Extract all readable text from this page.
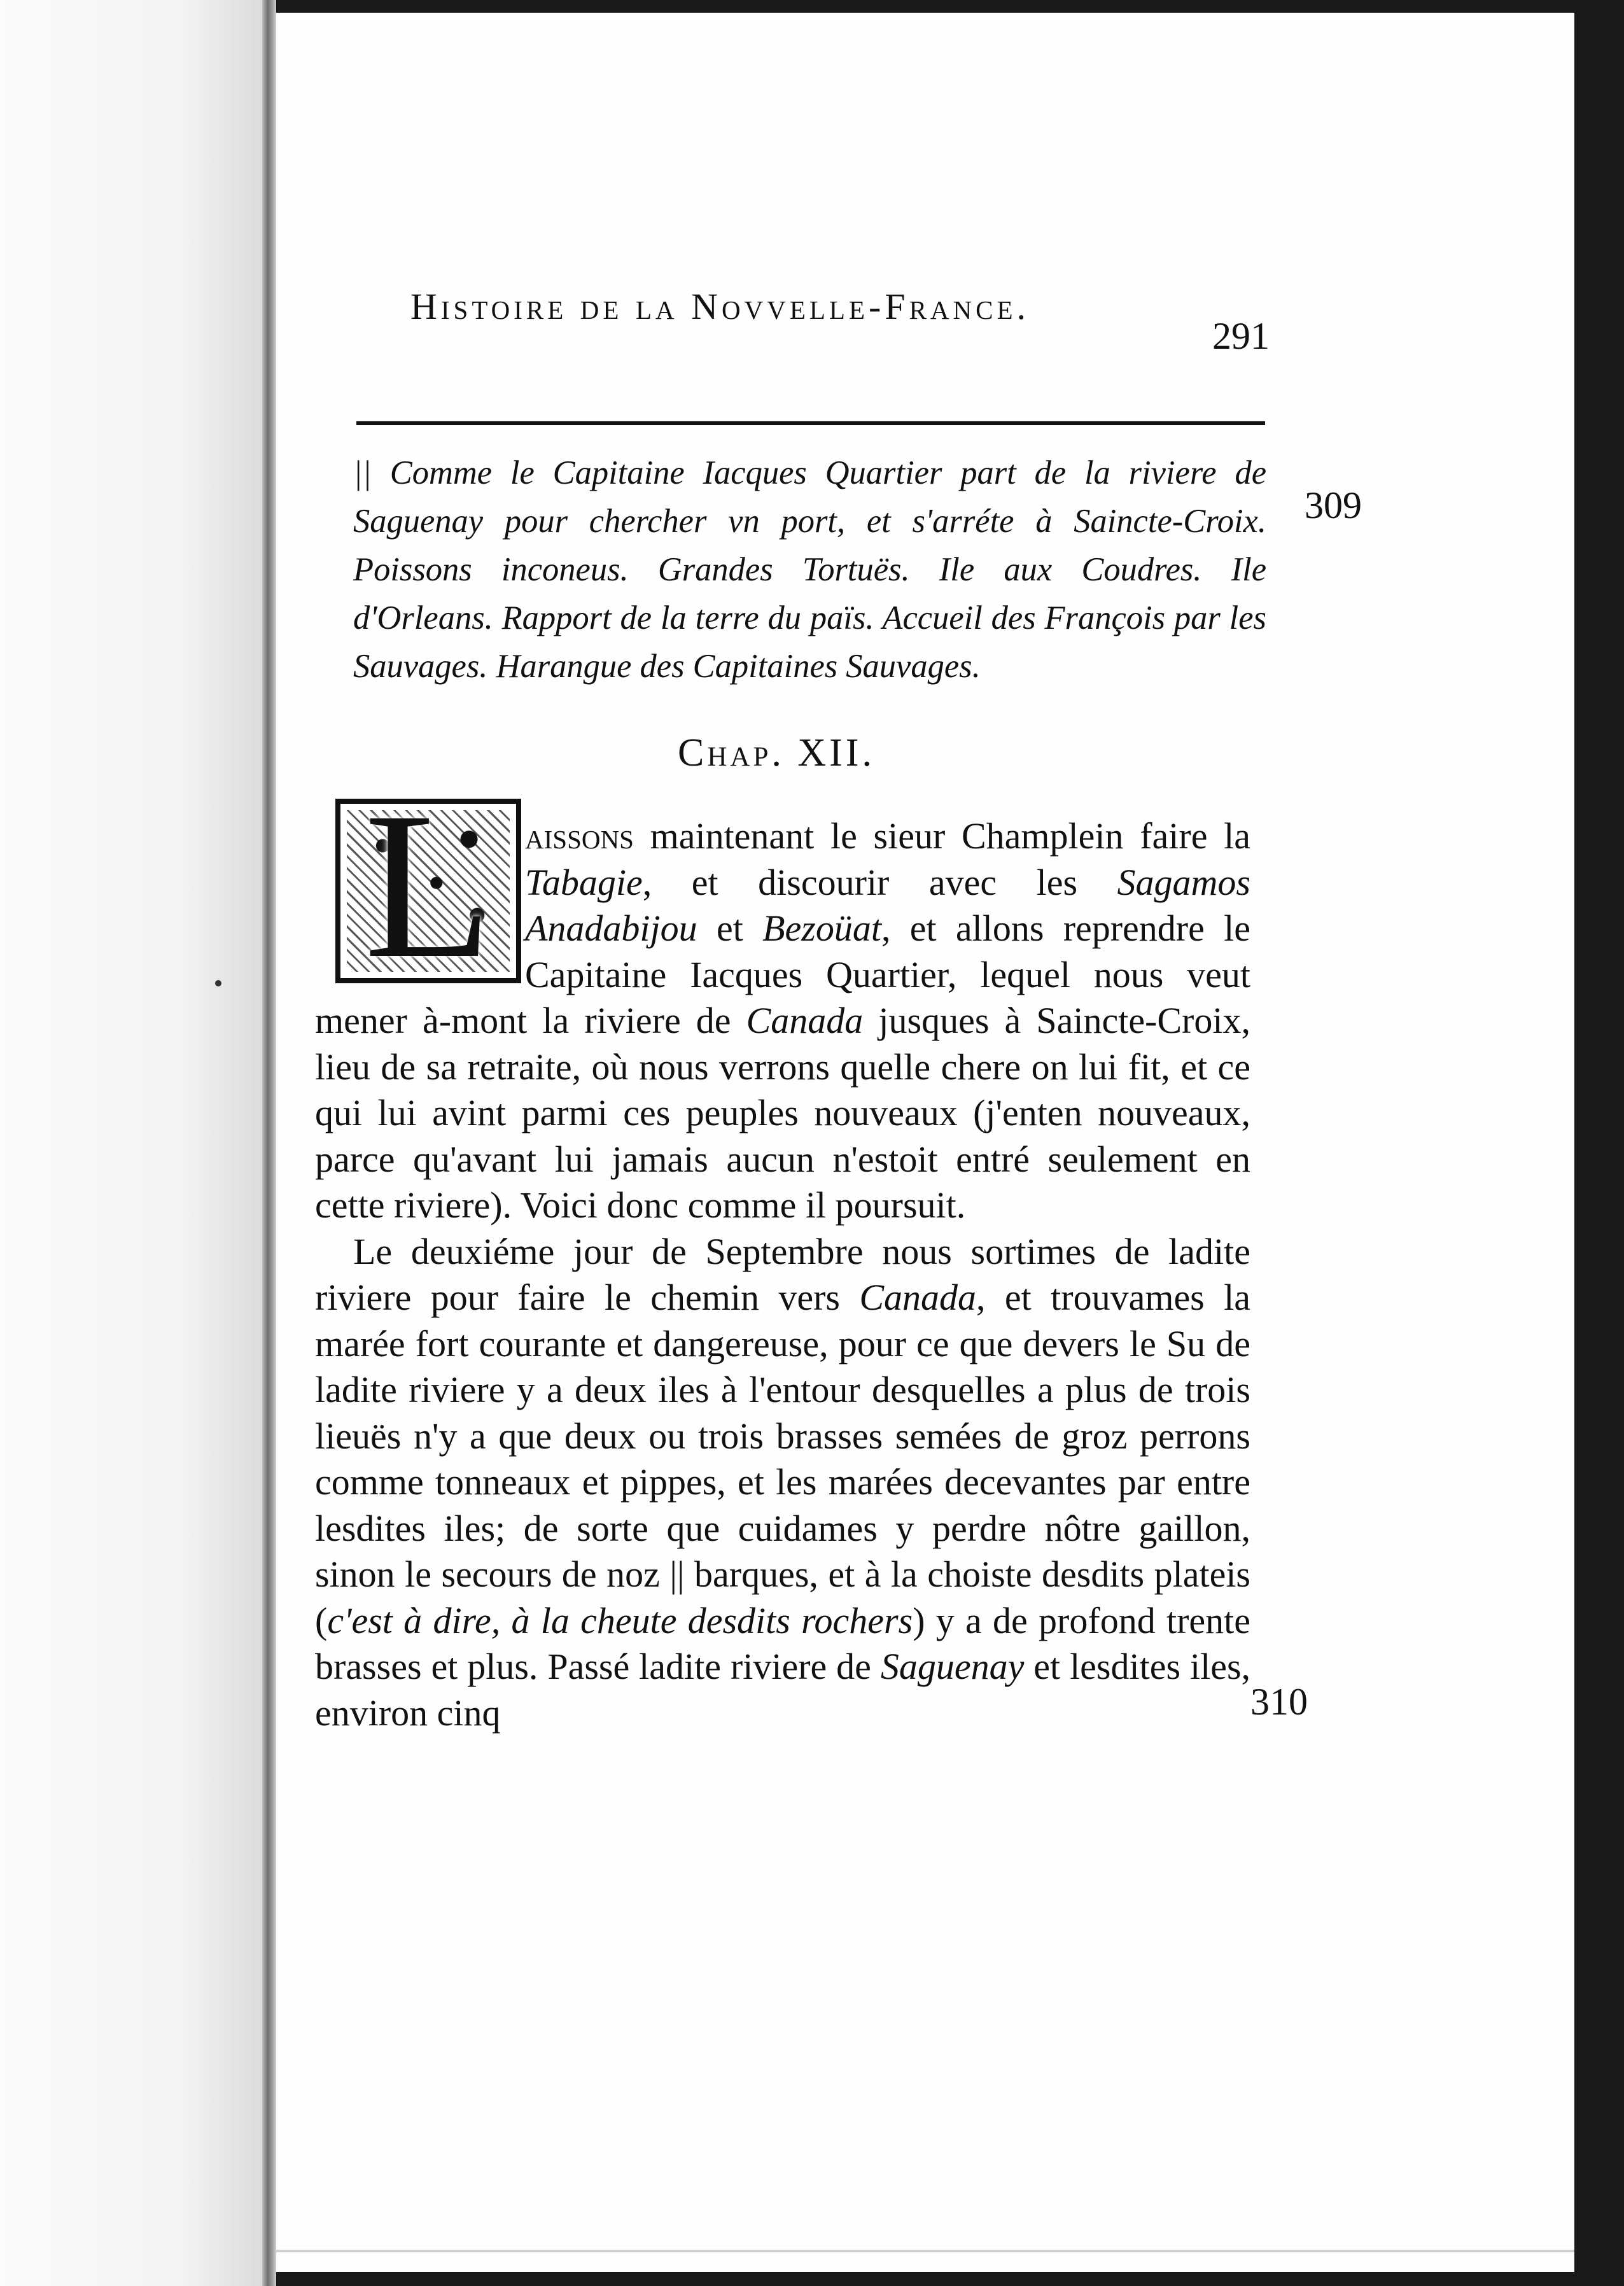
Histoire de la Novvelle-France.
291
|| Comme le Capitaine Iacques Quartier part de la riviere de Saguenay pour chercher vn port, et s'arréte à Saincte-Croix. Poissons inconeus. Grandes Tortuës. Ile aux Coudres. Ile d'Orleans. Rapport de la terre du païs. Accueil des François par les Sauvages. Harangue des Capitaines Sauvages.
309
310
Chap. XII.
L aissons maintenant le sieur Champlein faire la Tabagie, et discourir avec les Sagamos Anadabijou et Bezoüat, et allons reprendre le Capitaine Iacques Quartier, lequel nous veut mener à-mont la riviere de Canada jusques à Saincte-Croix, lieu de sa retraite, où nous verrons quelle chere on lui fit, et ce qui lui avint parmi ces peuples nouveaux (j'enten nouveaux, parce qu'avant lui jamais aucun n'estoit entré seulement en cette riviere). Voici donc comme il poursuit.

Le deuxiéme jour de Septembre nous sortimes de ladite riviere pour faire le chemin vers Canada, et trouvames la marée fort courante et dangereuse, pour ce que devers le Su de ladite riviere y a deux iles à l'entour desquelles a plus de trois lieuës n'y a que deux ou trois brasses semées de groz perrons comme tonneaux et pippes, et les marées decevantes par entre lesdites iles; de sorte que cuidames y perdre nôtre gaillon, sinon le secours de noz || barques, et à la choiste desdits plateis (c'est à dire, à la cheute desdits rochers) y a de profond trente brasses et plus. Passé ladite riviere de Saguenay et lesdites iles, environ cinq
